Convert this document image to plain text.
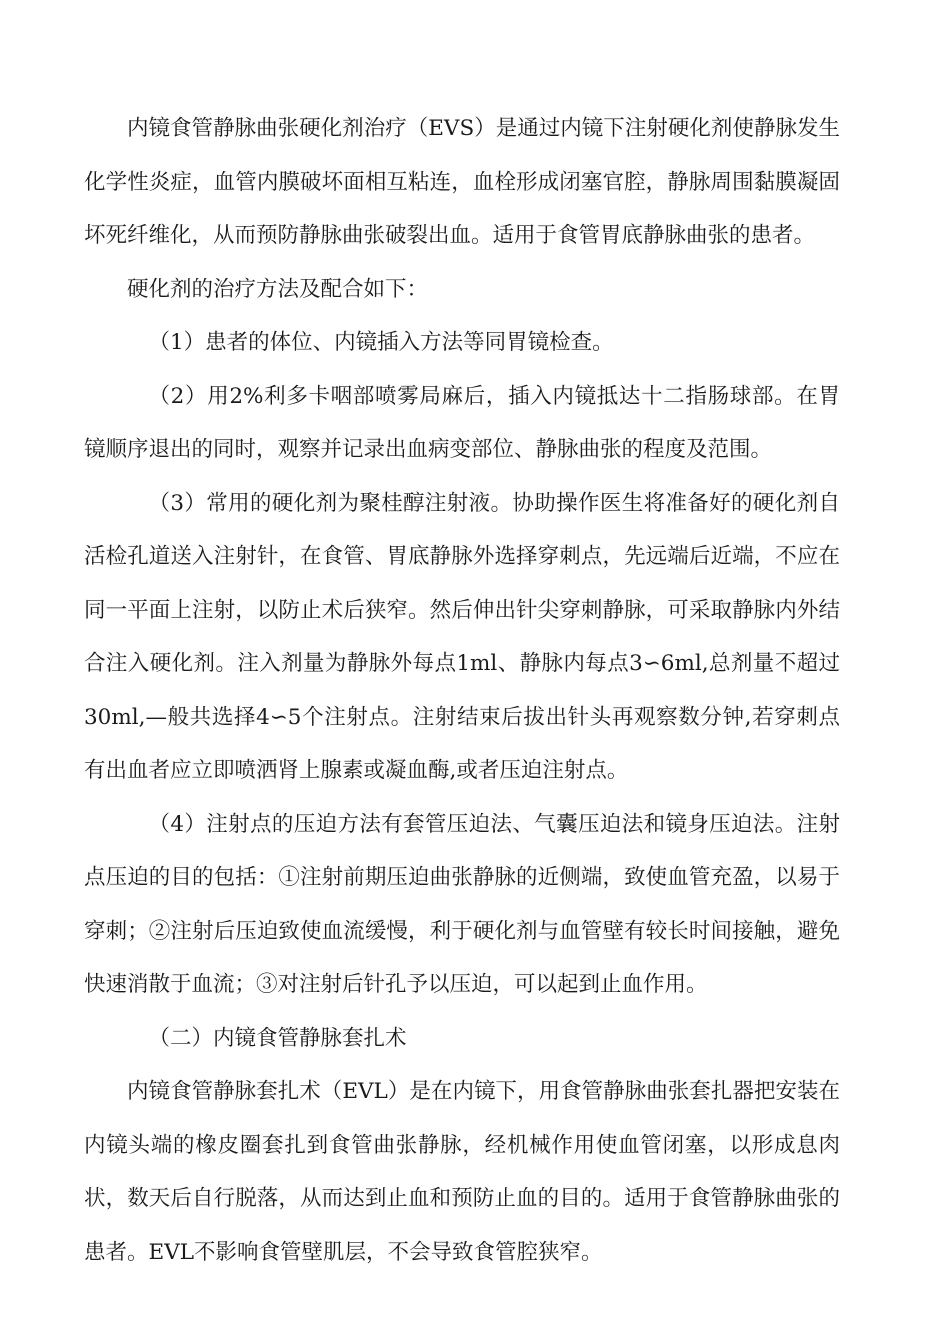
内镜食管静脉曲张硬化剂治疗（EVS）是通过内镜下注射硬化剂使静脉发生化学性炎症，血管内膜破坏面相互粘连，血栓形成闭塞官腔，静脉周围黏膜凝固坏死纤维化，从而预防静脉曲张破裂出血。适用于食管胃底静脉曲张的患者。

硬化剂的治疗方法及配合如下：

（1）患者的体位、内镜插入方法等同胃镜检查。

（2）用2%利多卡咽部喷雾局麻后，插入内镜抵达十二指肠球部。在胃镜顺序退出的同时，观察并记录出血病变部位、静脉曲张的程度及范围。

（3）常用的硬化剂为聚桂醇注射液。协助操作医生将准备好的硬化剂自活检孔道送入注射针，在食管、胃底静脉外选择穿刺点，先远端后近端，不应在同一平面上注射，以防止术后狭窄。然后伸出针尖穿刺静脉，可采取静脉内外结合注入硬化剂。注入剂量为静脉外每点1ml、静脉内每点3∽6ml,总剂量不超过30ml,—般共选择4∽5个注射点。注射结束后拔出针头再观察数分钟,若穿刺点有出血者应立即喷洒肾上腺素或凝血酶,或者压迫注射点。

（4）注射点的压迫方法有套管压迫法、气囊压迫法和镜身压迫法。注射点压迫的目的包括：①注射前期压迫曲张静脉的近侧端，致使血管充盈，以易于穿刺；②注射后压迫致使血流缓慢，利于硬化剂与血管壁有较长时间接触，避免快速消散于血流；③对注射后针孔予以压迫，可以起到止血作用。

（二）内镜食管静脉套扎术

内镜食管静脉套扎术（EVL）是在内镜下，用食管静脉曲张套扎器把安装在内镜头端的橡皮圈套扎到食管曲张静脉，经机械作用使血管闭塞，以形成息肉状，数天后自行脱落，从而达到止血和预防止血的目的。适用于食管静脉曲张的患者。EVL不影响食管壁肌层，不会导致食管腔狭窄。
